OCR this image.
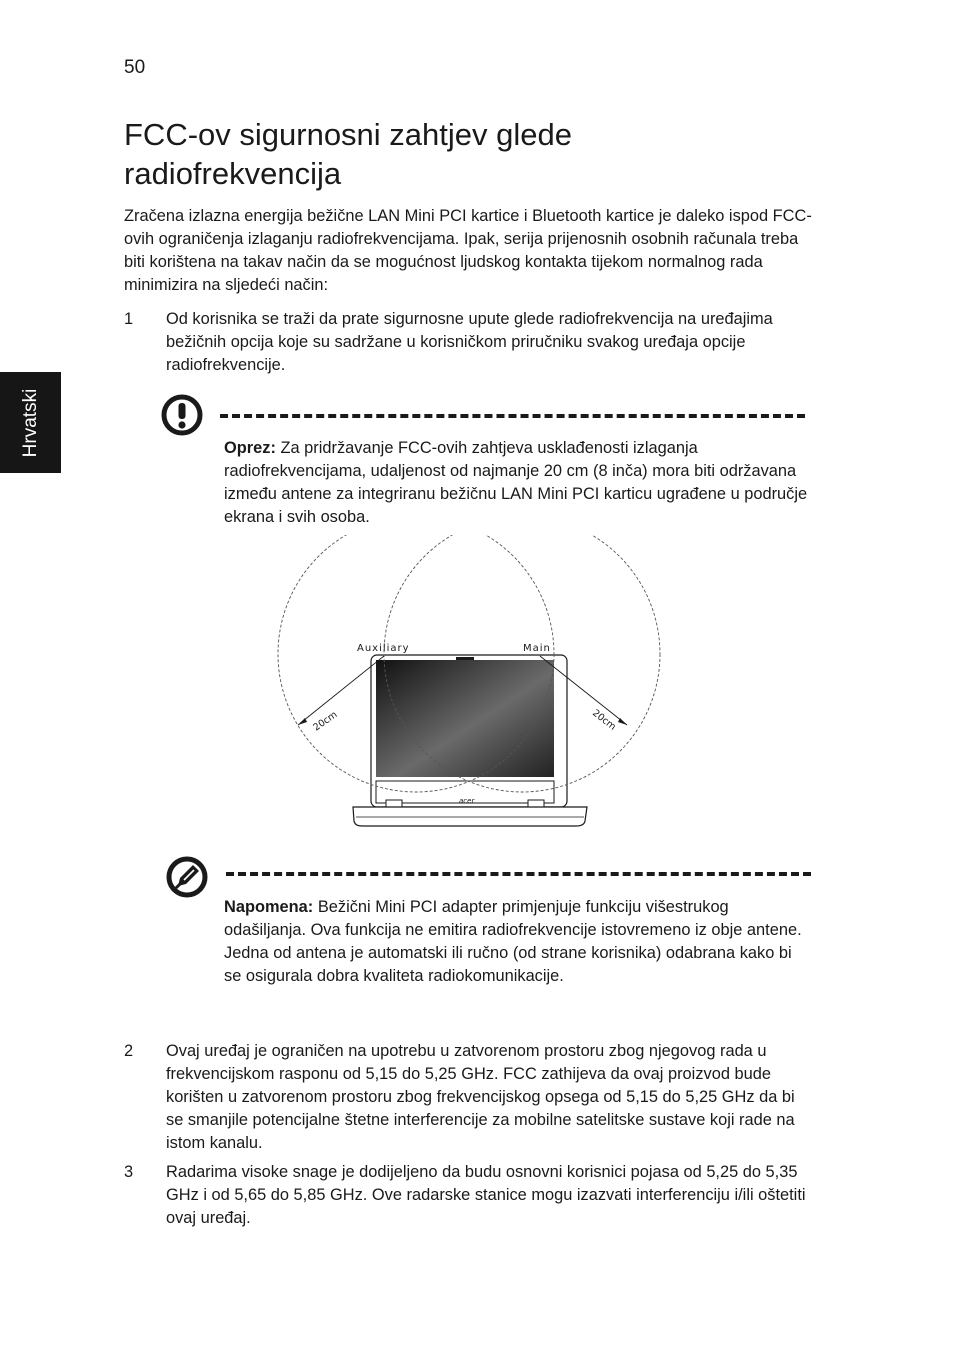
50
Hrvatski
FCC-ov sigurnosni zahtjev glede radiofrekvencija

Zračena izlazna energija bežične LAN Mini PCI kartice i Bluetooth kartice je daleko ispod FCC-ovih ograničenja izlaganju radiofrekvencijama. Ipak, serija prijenosnih osobnih računala treba biti korištena na takav način da se mogućnost ljudskog kontakta tijekom normalnog rada minimizira na sljedeći način:

1 Od korisnika se traži da prate sigurnosne upute glede radiofrekvencija na uređajima bežičnih opcija koje su sadržane u korisničkom priručniku svakog uređaja opcije radiofrekvencije.

Oprez: Za pridržavanje FCC-ovih zahtjeva usklađenosti izlaganja radiofrekvencijama, udaljenost od najmanje 20 cm (8 inča) mora biti održavana između antene za integriranu bežičnu LAN Mini PCI karticu ugrađene u područje ekrana i svih osoba.

acer
Auxiliary	Main
20cm	20cm

Napomena: Bežični Mini PCI adapter primjenjuje funkciju višestrukog odašiljanja. Ova funkcija ne emitira radiofrekvencije istovremeno iz obje antene. Jedna od antena je automatski ili ručno (od strane korisnika) odabrana kako bi se osigurala dobra kvaliteta radiokomunikacije.

2 Ovaj uređaj je ograničen na upotrebu u zatvorenom prostoru zbog njegovog rada u frekvencijskom rasponu od 5,15 do 5,25 GHz. FCC zathijeva da ovaj proizvod bude korišten u zatvorenom prostoru zbog frekvencijskog opsega od 5,15 do 5,25 GHz da bi se smanjile potencijalne štetne interferencije za mobilne satelitske sustave koji rade na istom kanalu.

3 Radarima visoke snage je dodijeljeno da budu osnovni korisnici pojasa od 5,25 do 5,35 GHz i od 5,65 do 5,85 GHz. Ove radarske stanice mogu izazvati interferenciju i/ili oštetiti ovaj uređaj.
